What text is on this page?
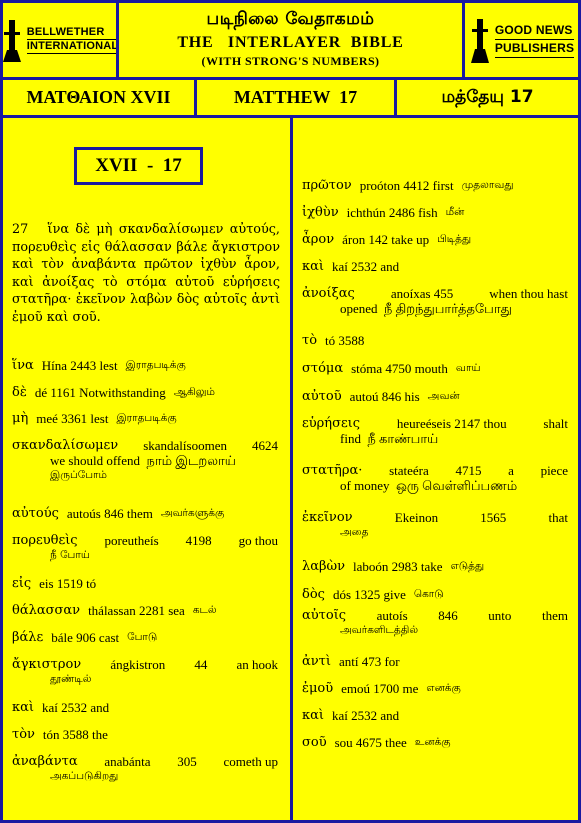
BELLWETHER
INTERNATIONAL
படிநிலை வேதாகமம்
THE   INTERLAYER  BIBLE
(WITH STRONG'S NUMBERS)
GOOD NEWS
PUBLISHERS
ΜΑΤΘΑΙΟΝ XVII	MATTHEW  17	மத்தேயு 17
XVII  -  17
27   ἵνα δὲ μὴ σκανδαλίσωμεν αὐτούς, πορευθεὶς εἰς θάλασσαν βάλε ἄγκιστρον καὶ τὸν ἀναβάντα πρῶτον ἰχθὺν ἆρον, καὶ ἀνοίξας τὸ στόμα αὐτοῦ εὑρήσεις στατῆρα· ἐκεῖνον λαβὼν δὸς αὐτοῖς ἀντὶ ἐμοῦ καὶ σοῦ.
ἵνα Hína 2443 lest இராதபடிக்கு
δὲ dé 1161 Notwithstanding ஆகிலும்
μὴ meé 3361 lest இராதபடிக்கு
σκανδαλίσωμεν skandalísoomen 4624
we should offend  நாம் இடறலாய்
இருப்போம்
αὐτούς autoús 846 them அவர்களுக்கு
πορευθεὶς poreutheís 4198 go thou
நீ போய்
εἰς eis 1519 tó
θάλασσαν thálassan 2281 sea கடல்
βάλε bále 906 cast போடு
ἄγκιστρον ángkistron 44 an hook
தூண்டில்
καὶ kaí 2532 and
τὸν tón 3588 the
ἀναβάντα anabánta 305 cometh up
அகப்படுகிறது
πρῶτον proóton 4412 first முதலாவது
ἰχθὺν ichthún 2486 fish மீன்
ἆρον áron 142 take up பிடித்து
καὶ kaí 2532 and
ἀνοίξας	anoíxas 455	when thou hast
opened  நீ திறந்துபார்த்தபோது
τὸ tó 3588
στόμα stóma 4750 mouth வாய்
αὐτοῦ autoú 846 his அவன்
εὑρήσεις	heureéseis 2147 thou	shalt
find  நீ காண்பாய்
στατῆρα· stateéra 4715 a piece
of money  ஒரு வெள்ளிப்பணம்
ἐκεῖνον	Ekeinon	1565	that
அதை
λαβὼν laboón 2983 take எடுத்து
δὸς dós 1325 give கொடு
αὐτοῖς autoís 846 unto them
அவர்களிடத்தில்
ἀντὶ antí 473 for
ἐμοῦ emoú 1700 me எனக்கு
καὶ kaí 2532 and
σοῦ sou 4675 thee உனக்கு
